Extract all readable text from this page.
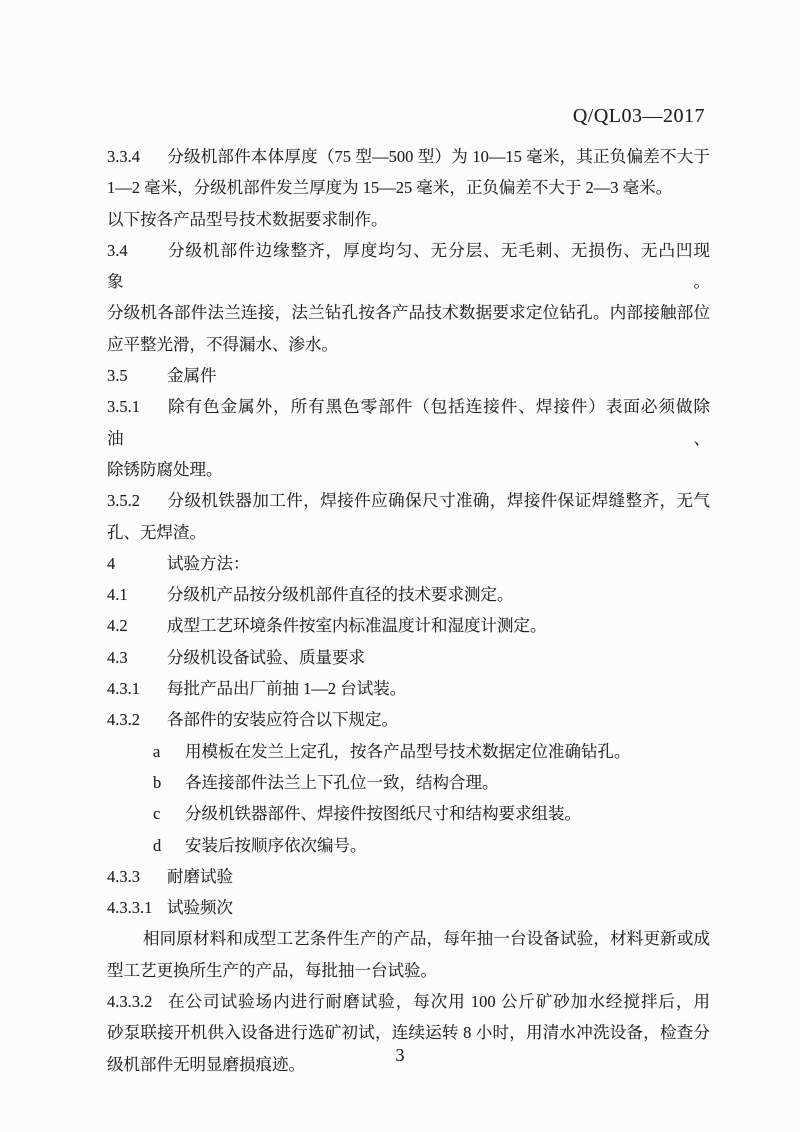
Q/QL03—2017
3.3.4 分级机部件本体厚度（75 型—500 型）为 10—15 毫米，其正负偏差不大于
1—2 毫米，分级机部件发兰厚度为 15—25 毫米，正负偏差不大于 2—3 毫米。
以下按各产品型号技术数据要求制作。
3.4 分级机部件边缘整齐，厚度均匀、无分层、无毛刺、无损伤、无凸凹现象。
分级机各部件法兰连接，法兰钻孔按各产品技术数据要求定位钻孔。内部接触部位
应平整光滑，不得漏水、渗水。
3.5 金属件
3.5.1 除有色金属外，所有黑色零部件（包括连接件、焊接件）表面必须做除油、
除锈防腐处理。
3.5.2 分级机铁器加工件，焊接件应确保尺寸准确，焊接件保证焊缝整齐，无气
孔、无焊渣。
4	试验方法：
4.1 分级机产品按分级机部件直径的技术要求测定。
4.2 成型工艺环境条件按室内标准温度计和湿度计测定。
4.3 分级机设备试验、质量要求
4.3.1 每批产品出厂前抽 1—2 台试装。
4.3.2 各部件的安装应符合以下规定。
a 用模板在发兰上定孔，按各产品型号技术数据定位准确钻孔。
b 各连接部件法兰上下孔位一致，结构合理。
c 分级机铁器部件、焊接件按图纸尺寸和结构要求组装。
d 安装后按顺序依次编号。
4.3.3 耐磨试验
4.3.3.1 试验频次
相同原材料和成型工艺条件生产的产品，每年抽一台设备试验，材料更新或成
型工艺更换所生产的产品，每批抽一台试验。
4.3.3.2 在公司试验场内进行耐磨试验，每次用 100 公斤矿砂加水经搅拌后，用
砂泵联接开机供入设备进行选矿初试，连续运转 8 小时，用清水冲洗设备，检查分
级机部件无明显磨损痕迹。	3
